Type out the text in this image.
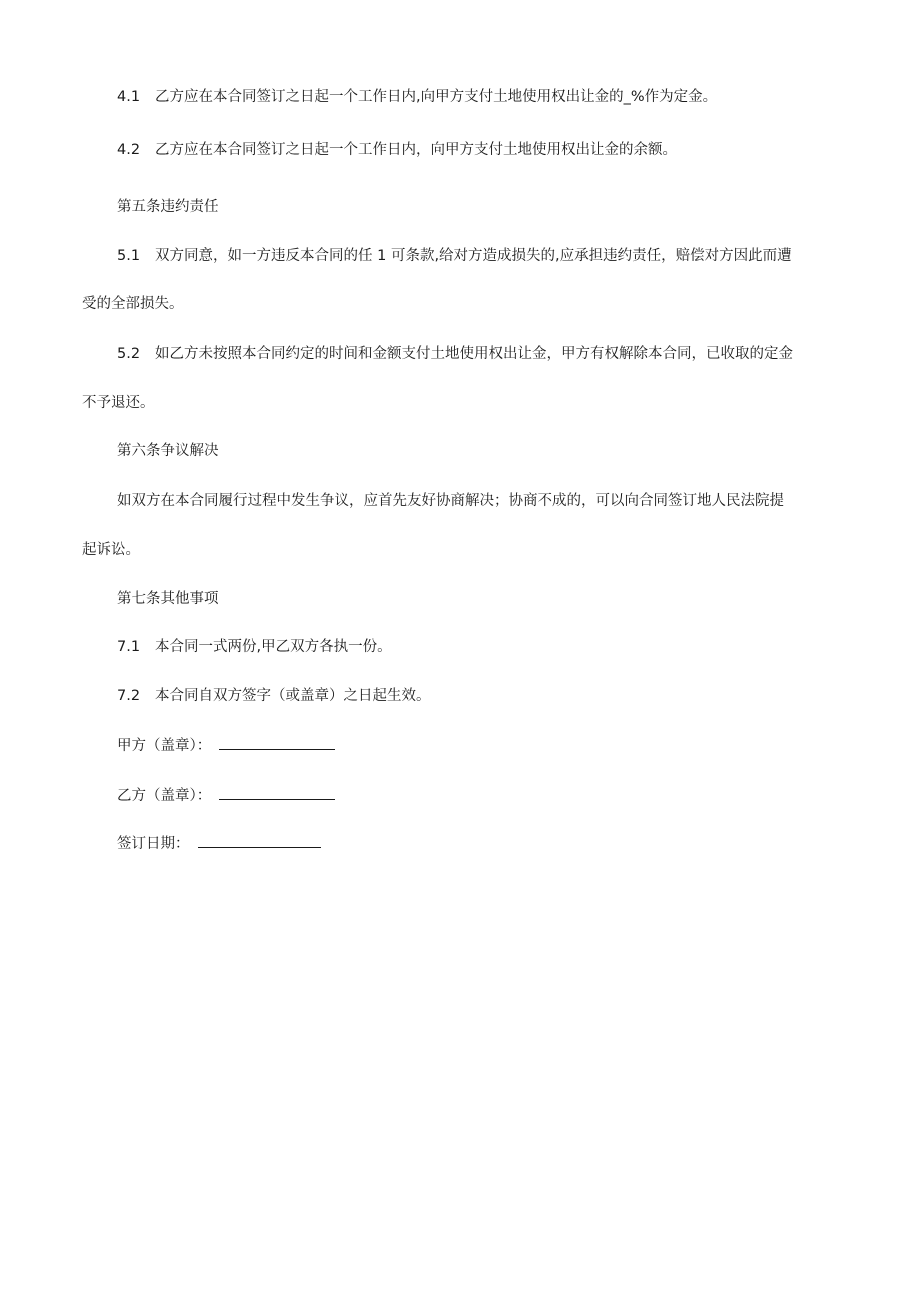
4.1 乙方应在本合同签订之日起一个工作日内,向甲方支付土地使用权出让金的_%作为定金。
4.2 乙方应在本合同签订之日起一个工作日内，向甲方支付土地使用权出让金的余额。
第五条违约责任
5.1 双方同意，如一方违反本合同的任 1 可条款,给对方造成损失的,应承担违约责任，赔偿对方因此而遭
受的全部损失。
5.2 如乙方未按照本合同约定的时间和金额支付土地使用权出让金，甲方有权解除本合同，已收取的定金
不予退还。
第六条争议解决
如双方在本合同履行过程中发生争议，应首先友好协商解决；协商不成的，可以向合同签订地人民法院提
起诉讼。
第七条其他事项
7.1 本合同一式两份,甲乙双方各执一份。
7.2 本合同自双方签字（或盖章）之日起生效。
甲方（盖章）：
乙方（盖章）：
签订日期：
